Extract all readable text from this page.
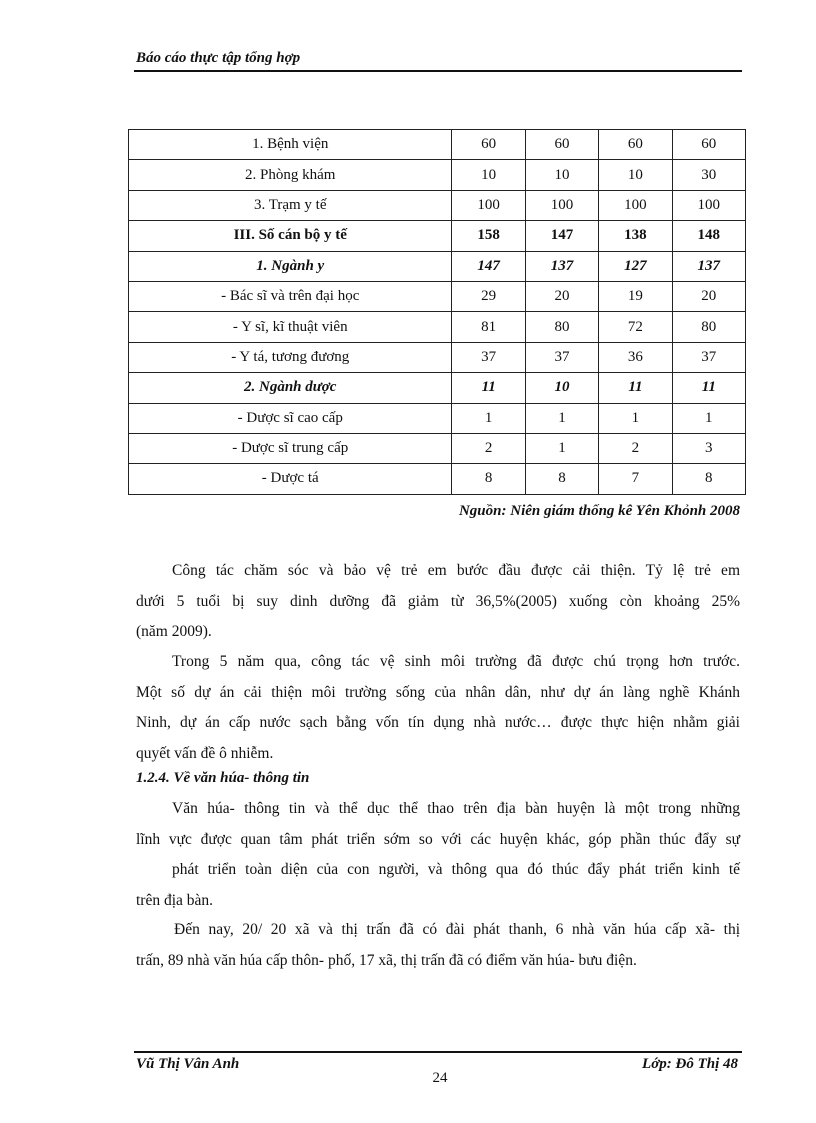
Báo cáo thực tập tổng hợp
1. Bệnh viện	60	60	60	60
2. Phòng khám	10	10	10	30
3. Trạm y tế	100	100	100	100
III. Số cán bộ y tế	158	147	138	148
1. Ngành y	147	137	127	137
- Bác sĩ và trên đại học	29	20	19	20
- Y sĩ, kĩ thuật viên	81	80	72	80
- Y tá, tương đương	37	37	36	37
2. Ngành dược	11	10	11	11
- Dược sĩ cao cấp	1	1	1	1
- Dược sĩ trung cấp	2	1	2	3
- Dược tá	8	8	7	8
Nguồn: Niên giám thống kê Yên Khỏnh 2008
Công tác chăm sóc và bảo vệ trẻ em bước đầu được cải thiện. Tỷ lệ trẻ em
dưới 5 tuổi bị suy dinh dưỡng đã giảm từ 36,5%(2005) xuống còn khoảng 25%
(năm 2009).
Trong 5 năm qua, công tác vệ sinh môi trường đã được chú trọng hơn trước.
Một số dự án cải thiện môi trường sống của nhân dân, như dự án làng nghề Khánh
Ninh, dự án cấp nước sạch bằng vốn tín dụng nhà nước… được thực hiện nhằm giải
quyết vấn đề ô nhiễm.
1.2.4. Về văn húa- thông tin
Văn húa- thông tin và thể dục thể thao trên địa bàn huyện là một trong những
lĩnh vực được quan tâm phát triển sớm so với các huyện khác, góp phần thúc đẩy sự
phát triển toàn diện của con người, và thông qua đó thúc đẩy phát triển kinh tế
trên địa bàn.
Đến nay, 20/ 20 xã và thị trấn đã có đài phát thanh, 6 nhà văn húa cấp xã- thị
trấn, 89 nhà văn húa cấp thôn- phố, 17 xã, thị trấn đã có điểm văn húa- bưu điện.
Vũ Thị Vân Anh	Lớp: Đô Thị 48
24
